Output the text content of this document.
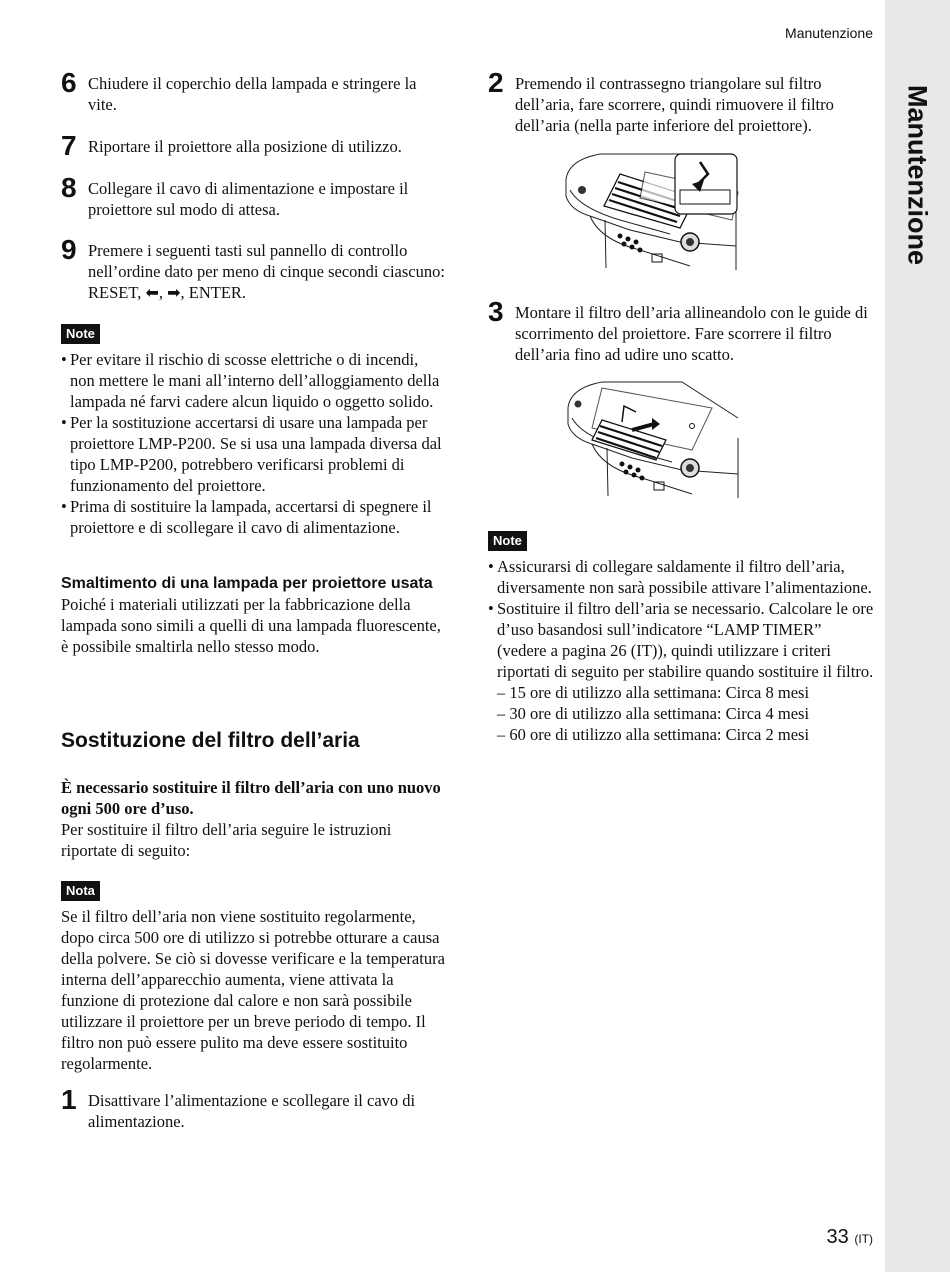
Manutenzione
Manutenzione
6 Chiudere il coperchio della lampada e stringere la vite.
7 Riportare il proiettore alla posizione di utilizzo.
8 Collegare il cavo di alimentazione e impostare il proiettore sul modo di attesa.
9 Premere i seguenti tasti sul pannello di controllo nell’ordine dato per meno di cinque secondi ciascuno: RESET, ⬅, ➡, ENTER.
Note
• Per evitare il rischio di scosse elettriche o di incendi, non mettere le mani all’interno dell’alloggiamento della lampada né farvi cadere alcun liquido o oggetto solido.
• Per la sostituzione accertarsi di usare una lampada per proiettore LMP-P200. Se si usa una lampada diversa dal tipo LMP-P200, potrebbero verificarsi problemi di funzionamento del proiettore.
• Prima di sostituire la lampada, accertarsi di spegnere il proiettore e di scollegare il cavo di alimentazione.
Smaltimento di una lampada per proiettore usata

Poiché i materiali utilizzati per la fabbricazione della lampada sono simili a quelli di una lampada fluorescente, è possibile smaltirla nello stesso modo.

Sostituzione del filtro dell’aria

È necessario sostituire il filtro dell’aria con uno nuovo ogni 500 ore d’uso.

Per sostituire il filtro dell’aria seguire le istruzioni riportate di seguito:

Nota

Se il filtro dell’aria non viene sostituito regolarmente, dopo circa 500 ore di utilizzo si potrebbe otturare a causa della polvere. Se ciò si dovesse verificare e la temperatura interna dell’apparecchio aumenta, viene attivata la funzione di protezione dal calore e non sarà possibile utilizzare il proiettore per un breve periodo di tempo. Il filtro non può essere pulito ma deve essere sostituito regolarmente.

1 Disattivare l’alimentazione e scollegare il cavo di alimentazione.
2 Premendo il contrassegno triangolare sul filtro dell’aria, fare scorrere, quindi rimuovere il filtro dell’aria (nella parte inferiore del proiettore).
3 Montare il filtro dell’aria allineandolo con le guide di scorrimento del proiettore. Fare scorrere il filtro dell’aria fino ad udire uno scatto.
Note
• Assicurarsi di collegare saldamente il filtro dell’aria, diversamente non sarà possibile attivare l’alimentazione.
• Sostituire il filtro dell’aria se necessario. Calcolare le ore d’uso basandosi sull’indicatore “LAMP TIMER” (vedere a pagina 26 (IT)), quindi utilizzare i criteri riportati di seguito per stabilire quando sostituire il filtro.
– 15 ore di utilizzo alla settimana: Circa 8 mesi
– 30 ore di utilizzo alla settimana: Circa 4 mesi
– 60 ore di utilizzo alla settimana: Circa 2 mesi
33 (IT)
